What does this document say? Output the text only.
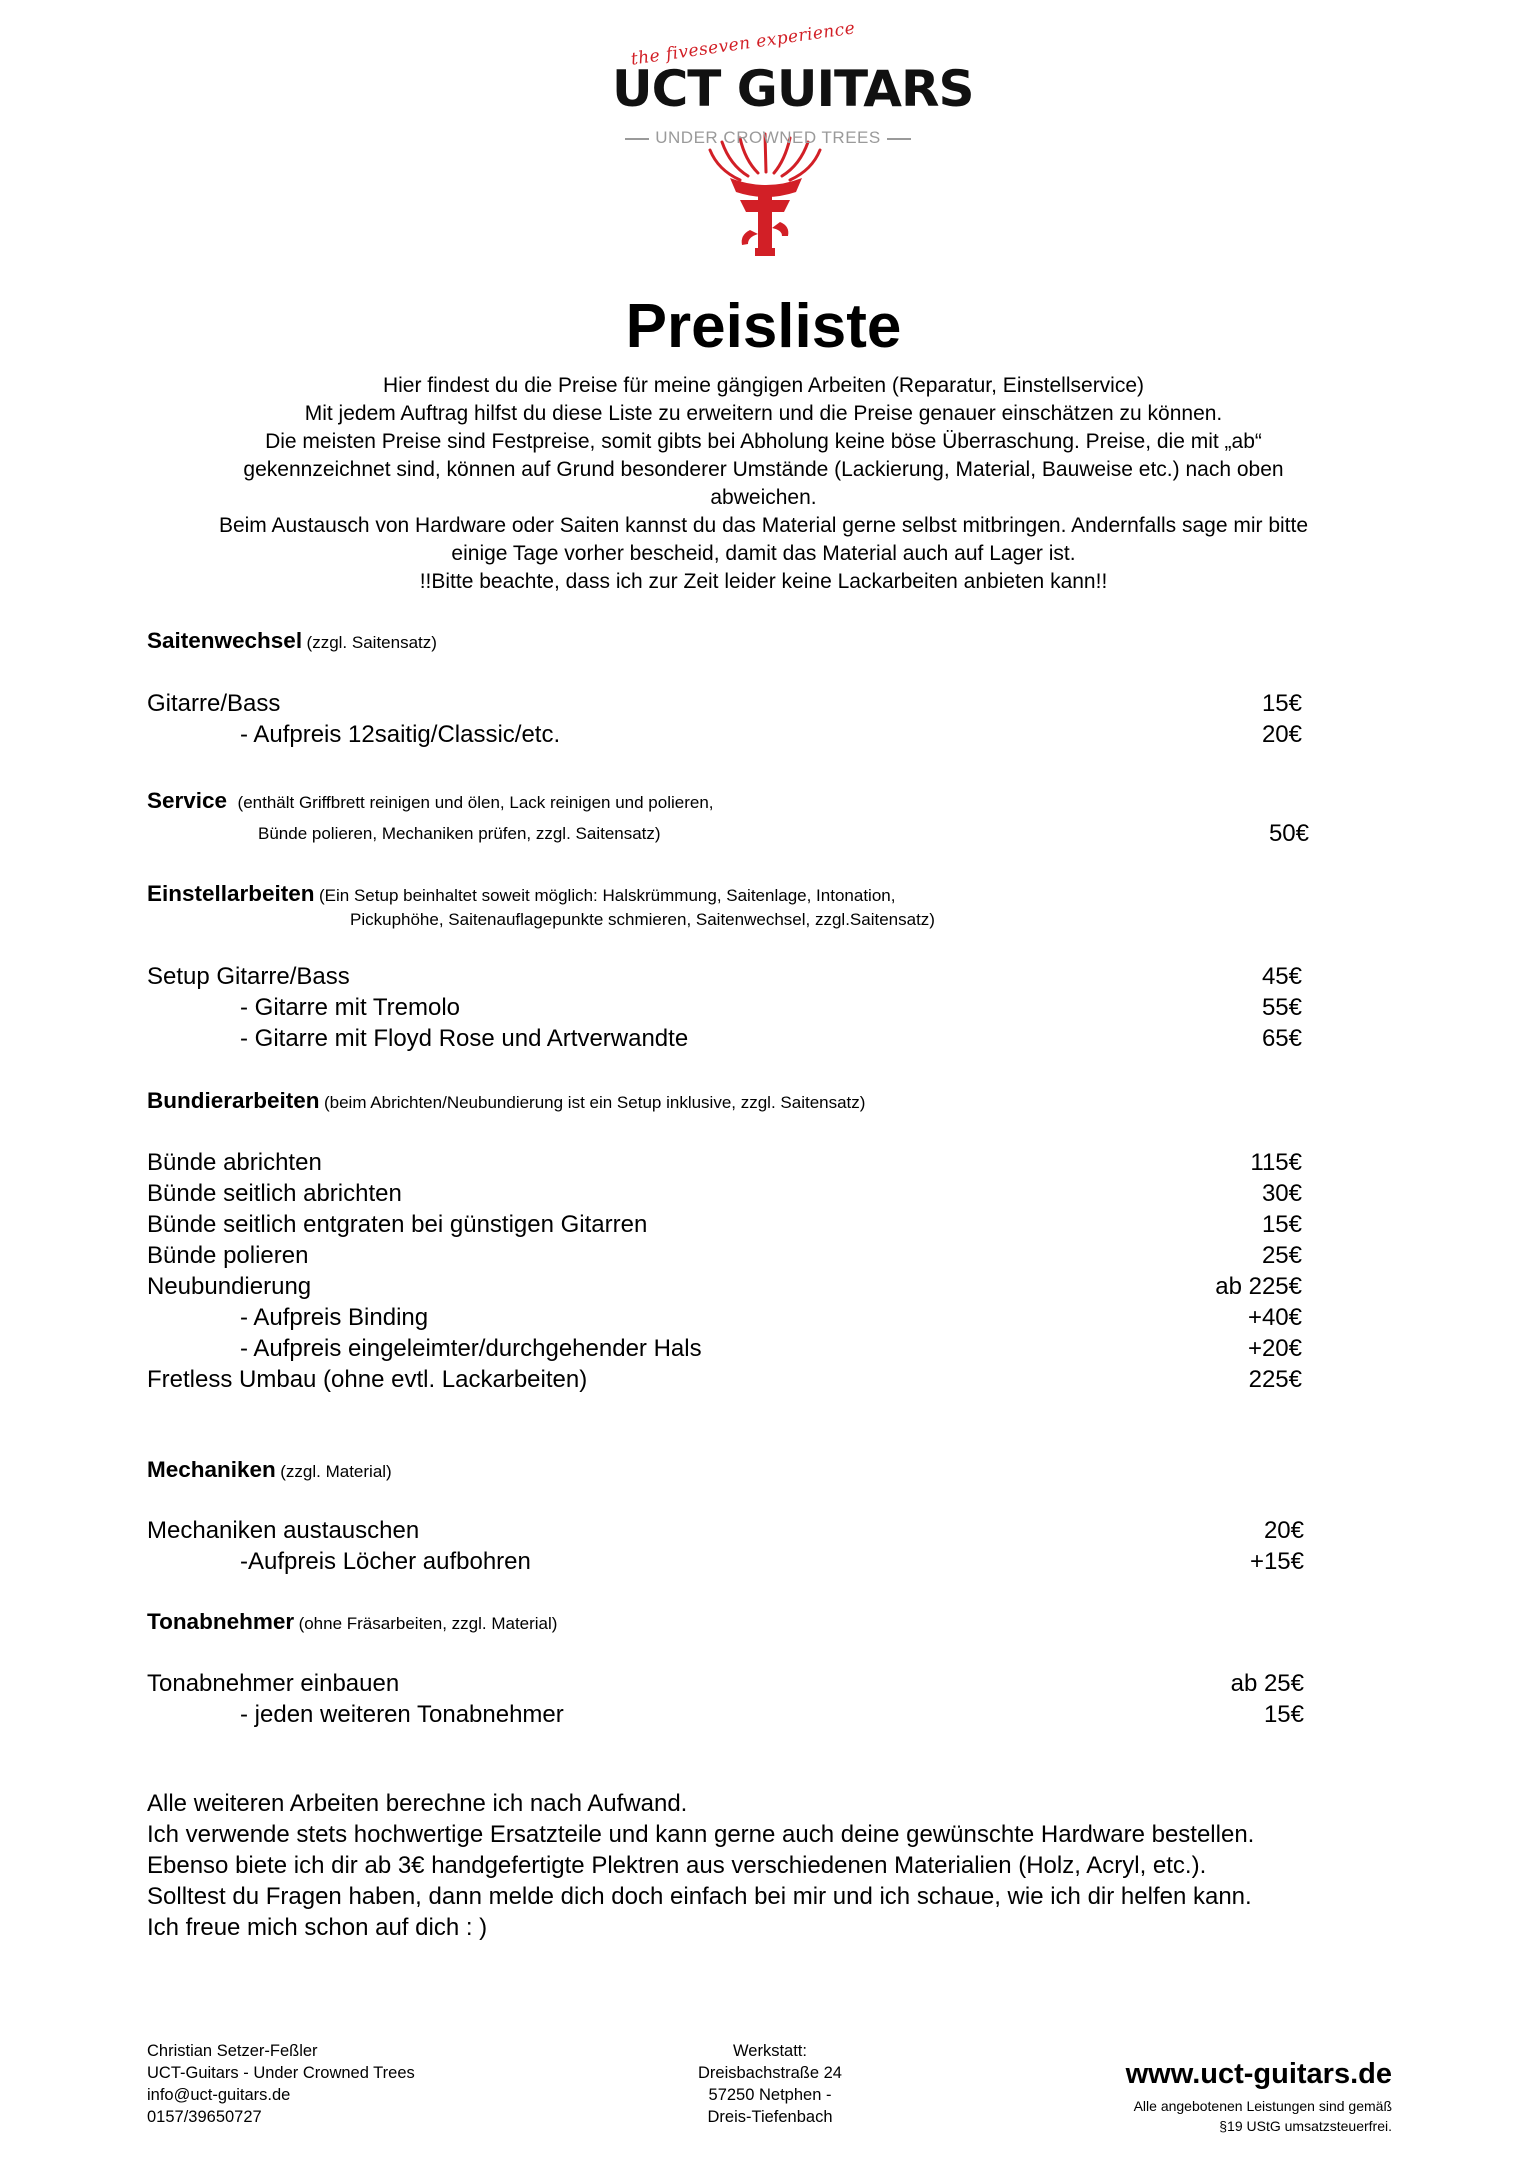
the fiveseven experience
UCT GUITARS
UNDER CROWNED TREES
Preisliste
Hier findest du die Preise für meine gängigen Arbeiten (Reparatur, Einstellservice)
Mit jedem Auftrag hilfst du diese Liste zu erweitern und die Preise genauer einschätzen zu können.
Die meisten Preise sind Festpreise, somit gibts bei Abholung keine böse Überraschung. Preise, die mit „ab“
gekennzeichnet sind, können auf Grund besonderer Umstände (Lackierung, Material, Bauweise etc.) nach oben
abweichen.
Beim Austausch von Hardware oder Saiten kannst du das Material gerne selbst mitbringen. Andernfalls sage mir bitte
einige Tage vorher bescheid, damit das Material auch auf Lager ist.
!!Bitte beachte, dass ich zur Zeit leider keine Lackarbeiten anbieten kann!!
Saitenwechsel (zzgl. Saitensatz)
Gitarre/Bass	15€
- Aufpreis 12saitig/Classic/etc.	20€
Service (enthält Griffbrett reinigen und ölen, Lack reinigen und polieren,
Bünde polieren, Mechaniken prüfen, zzgl. Saitensatz)	50€
Einstellarbeiten (Ein Setup beinhaltet soweit möglich: Halskrümmung, Saitenlage, Intonation,
Pickuphöhe, Saitenauflagepunkte schmieren, Saitenwechsel, zzgl.Saitensatz)
Setup Gitarre/Bass	45€
- Gitarre mit Tremolo	55€
- Gitarre mit Floyd Rose und Artverwandte	65€
Bundierarbeiten (beim Abrichten/Neubundierung ist ein Setup inklusive, zzgl. Saitensatz)
Bünde abrichten	115€
Bünde seitlich abrichten	30€
Bünde seitlich entgraten bei günstigen Gitarren	15€
Bünde polieren	25€
Neubundierung	ab 225€
- Aufpreis Binding	+40€
- Aufpreis eingeleimter/durchgehender Hals	+20€
Fretless Umbau (ohne evtl. Lackarbeiten)	225€
Mechaniken (zzgl. Material)
Mechaniken austauschen	20€
-Aufpreis Löcher aufbohren	+15€
Tonabnehmer (ohne Fräsarbeiten, zzgl. Material)
Tonabnehmer einbauen	ab 25€
- jeden weiteren Tonabnehmer	15€
Alle weiteren Arbeiten berechne ich nach Aufwand.
Ich verwende stets hochwertige Ersatzteile und kann gerne auch deine gewünschte Hardware bestellen.
Ebenso biete ich dir ab 3€ handgefertigte Plektren aus verschiedenen Materialien (Holz, Acryl, etc.).
Solltest du Fragen haben, dann melde dich doch einfach bei mir und ich schaue, wie ich dir helfen kann.
Ich freue mich schon auf dich : )
Christian Setzer-Feßler
UCT-Guitars - Under Crowned Trees
info@uct-guitars.de
0157/39650727
Werkstatt:
Dreisbachstraße 24
57250 Netphen -
Dreis-Tiefenbach
www.uct-guitars.de
Alle angebotenen Leistungen sind gemäß
§19 UStG umsatzsteuerfrei.
